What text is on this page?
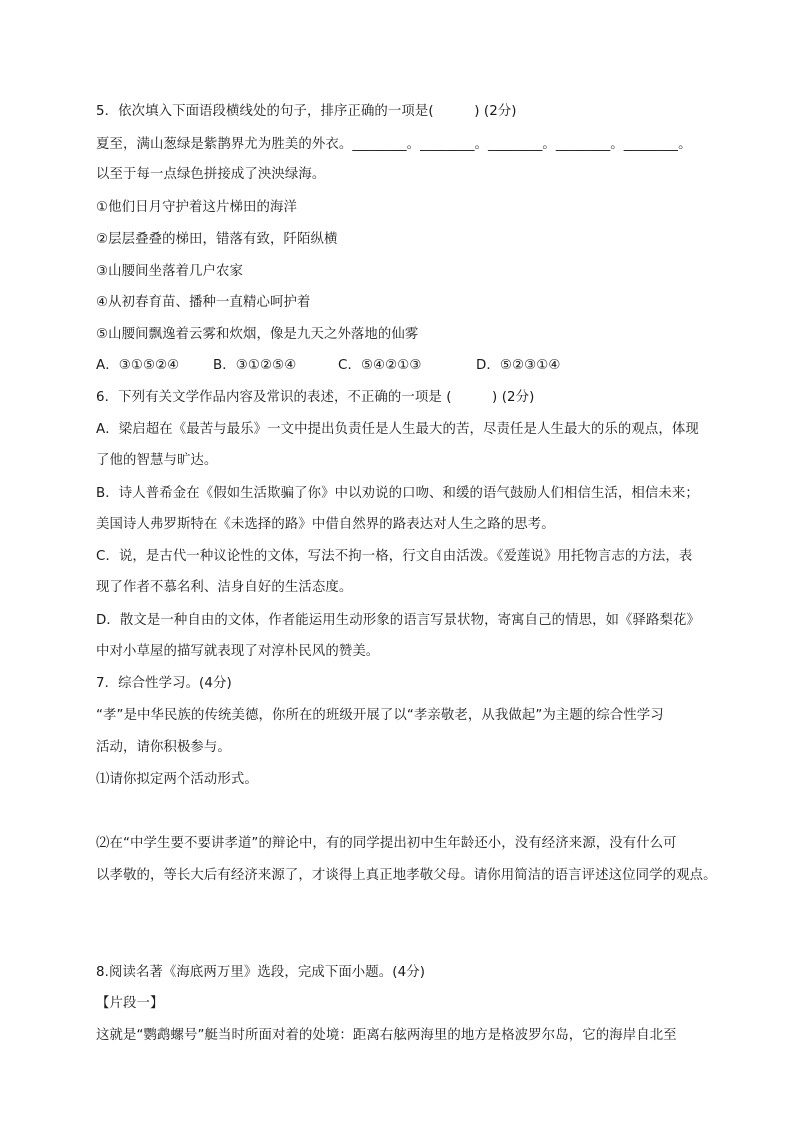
5．依次填入下面语段横线处的句子，排序正确的一项是(　　　) (2分)
夏至，满山葱绿是紫鹊界尤为胜美的外衣。________。________。________。________。________。
以至于每一点绿色拼接成了泱泱绿海。
①他们日月守护着这片梯田的海洋
②层层叠叠的梯田，错落有致，阡陌纵横
③山腰间坐落着几户农家
④从初春育苗、播种一直精心呵护着
⑤山腰间飘逸着云雾和炊烟，像是九天之外落地的仙雾
A．③①⑤②④	B．③①②⑤④	C．⑤④②①③	D．⑤②③①④
6．下列有关文学作品内容及常识的表述，不正确的一项是 (　　　) (2分)
A．梁启超在《最苦与最乐》一文中提出负责任是人生最大的苦，尽责任是人生最大的乐的观点，体现
了他的智慧与旷达。
B．诗人普希金在《假如生活欺骗了你》中以劝说的口吻、和缓的语气鼓励人们相信生活，相信未来；
美国诗人弗罗斯特在《未选择的路》中借自然界的路表达对人生之路的思考。
C．说，是古代一种议论性的文体，写法不拘一格，行文自由活泼。《爱莲说》用托物言志的方法，表
现了作者不慕名利、洁身自好的生活态度。
D．散文是一种自由的文体，作者能运用生动形象的语言写景状物，寄寓自己的情思，如《驿路梨花》
中对小草屋的描写就表现了对淳朴民风的赞美。
7．综合性学习。(4分)
“孝”是中华民族的传统美德，你所在的班级开展了以“孝亲敬老，从我做起”为主题的综合性学习
活动，请你积极参与。
⑴请你拟定两个活动形式。
⑵在“中学生要不要讲孝道”的辩论中，有的同学提出初中生年龄还小，没有经济来源，没有什么可
以孝敬的，等长大后有经济来源了，才谈得上真正地孝敬父母。请你用简洁的语言评述这位同学的观点。
8.阅读名著《海底两万里》选段，完成下面小题。(4分)
【片段一】
这就是“鹦鹉螺号”艇当时所面对着的处境：距离右舷两海里的地方是格波罗尔岛，它的海岸自北至
